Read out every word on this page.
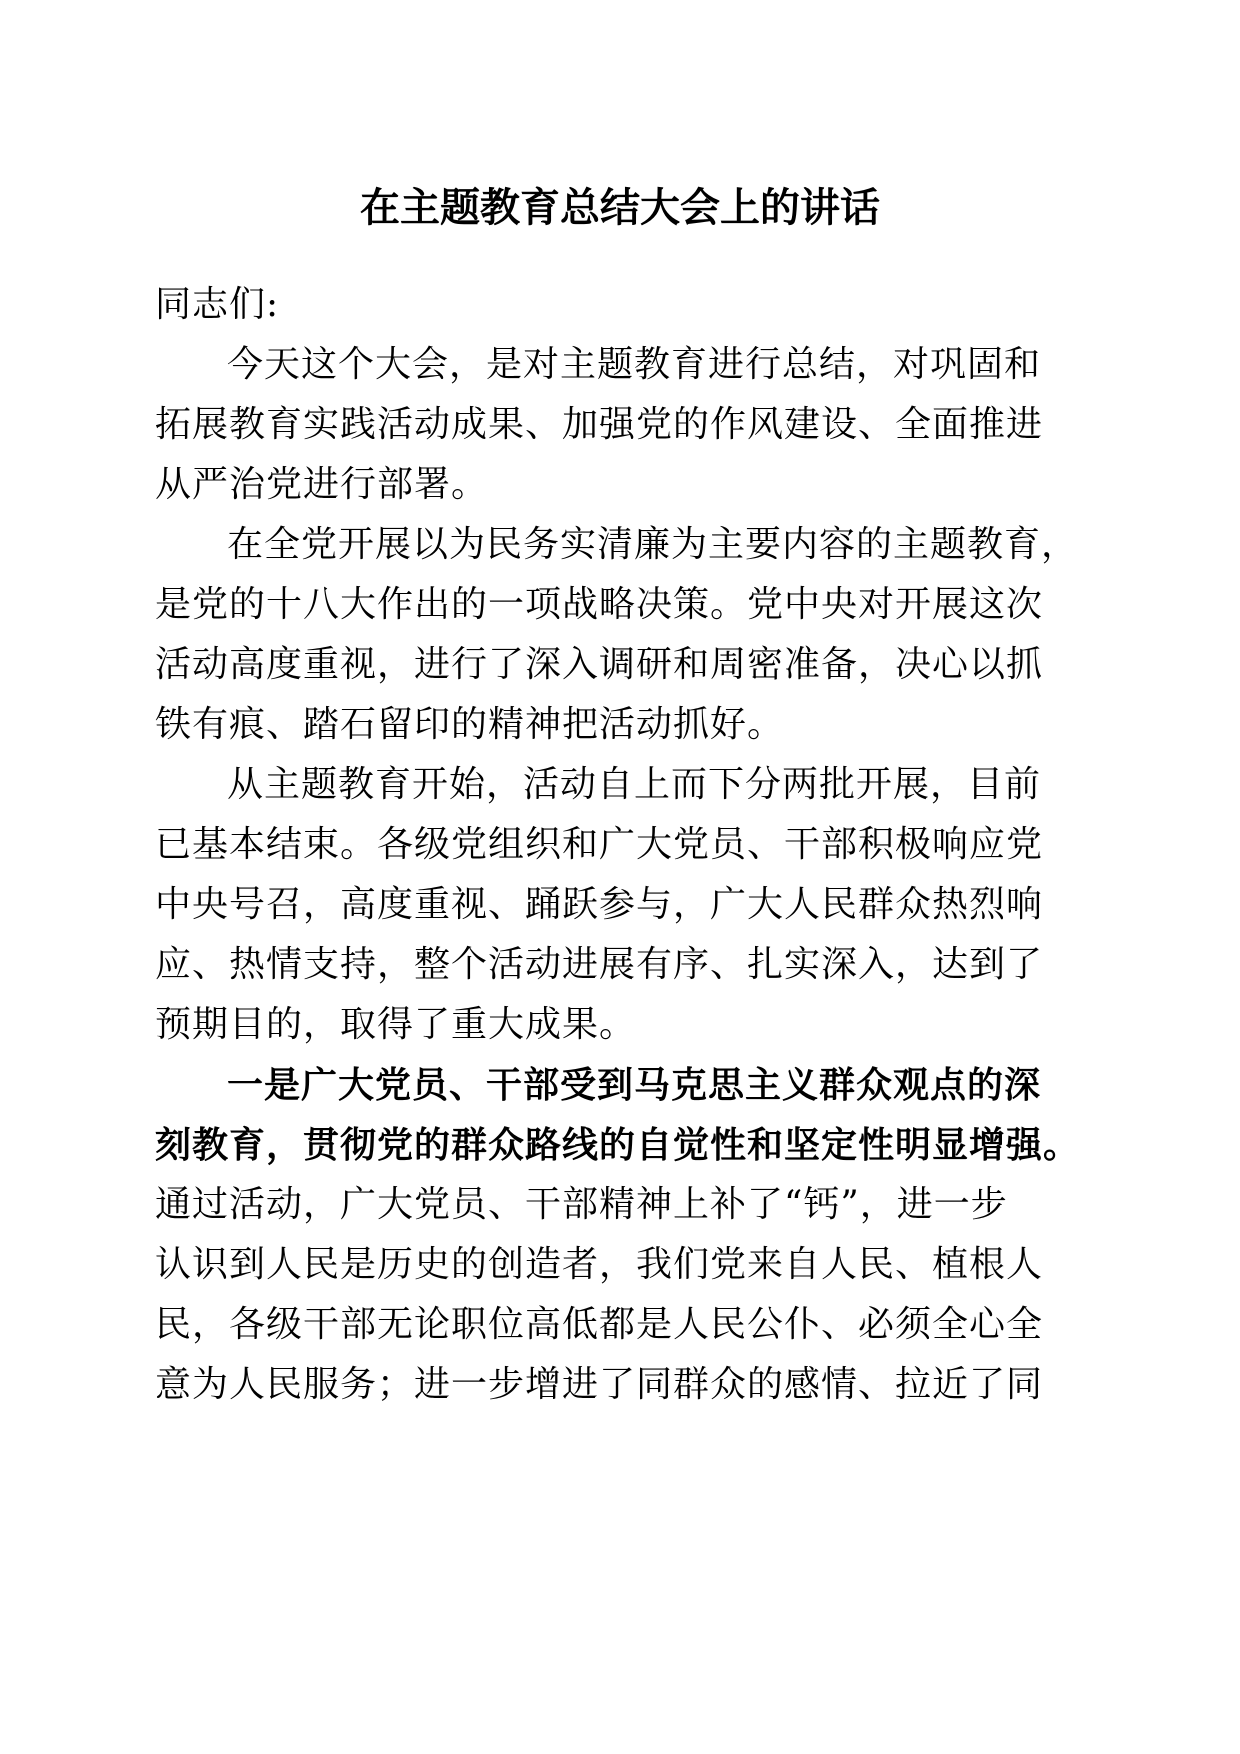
在主题教育总结大会上的讲话

同志们:

今天这个大会，是对主题教育进行总结，对巩固和

拓展教育实践活动成果、加强党的作风建设、全面推进

从严治党进行部署。

在全党开展以为民务实清廉为主要内容的主题教育，

是党的十八大作出的一项战略决策。党中央对开展这次

活动高度重视，进行了深入调研和周密准备，决心以抓

铁有痕、踏石留印的精神把活动抓好。

从主题教育开始，活动自上而下分两批开展，目前

已基本结束。各级党组织和广大党员、干部积极响应党

中央号召，高度重视、踊跃参与，广大人民群众热烈响

应、热情支持，整个活动进展有序、扎实深入，达到了

预期目的，取得了重大成果。

一是广大党员、干部受到马克思主义群众观点的深

刻教育，贯彻党的群众路线的自觉性和坚定性明显增强。

通过活动，广大党员、干部精神上补了“钙”，进一步

认识到人民是历史的创造者，我们党来自人民、植根人

民，各级干部无论职位高低都是人民公仆、必须全心全

意为人民服务；进一步增进了同群众的感情、拉近了同
